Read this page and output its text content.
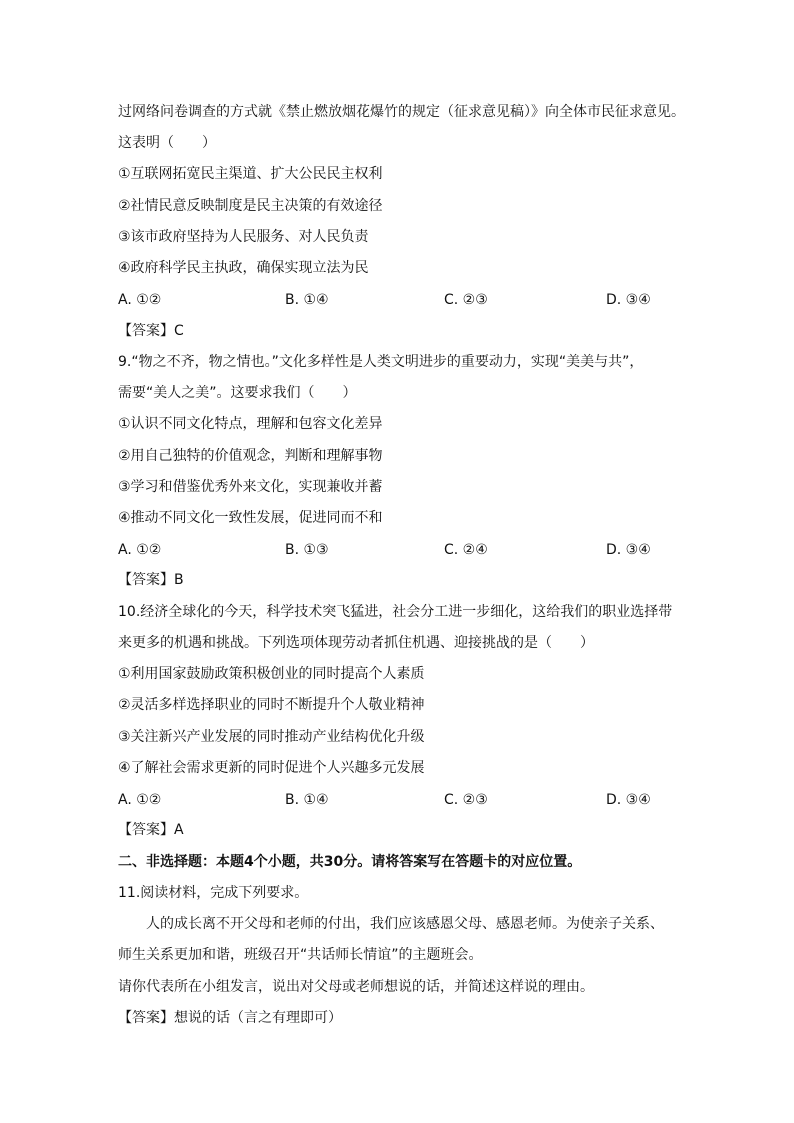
过网络问卷调查的方式就《禁止燃放烟花爆竹的规定（征求意见稿）》向全体市民征求意见。
这表明（　　）
①互联网拓宽民主渠道、扩大公民民主权利
②社情民意反映制度是民主决策的有效途径
③该市政府坚持为人民服务、对人民负责
④政府科学民主执政，确保实现立法为民
A. ①②	B. ①④	C. ②③	D. ③④
【答案】C
9.“物之不齐，物之情也。”文化多样性是人类文明进步的重要动力，实现“美美与共”，
需要“美人之美”。这要求我们（　　）
①认识不同文化特点，理解和包容文化差异
②用自己独特的价值观念，判断和理解事物
③学习和借鉴优秀外来文化，实现兼收并蓄
④推动不同文化一致性发展，促进同而不和
A. ①②	B. ①③	C. ②④	D. ③④
【答案】B
10.经济全球化的今天，科学技术突飞猛进，社会分工进一步细化，这给我们的职业选择带
来更多的机遇和挑战。下列选项体现劳动者抓住机遇、迎接挑战的是（　　）
①利用国家鼓励政策积极创业的同时提高个人素质
②灵活多样选择职业的同时不断提升个人敬业精神
③关注新兴产业发展的同时推动产业结构优化升级
④了解社会需求更新的同时促进个人兴趣多元发展
A. ①②	B. ①④	C. ②③	D. ③④
【答案】A
二、非选择题：本题4个小题，共30分。请将答案写在答题卡的对应位置。
11.阅读材料，完成下列要求。
人的成长离不开父母和老师的付出，我们应该感恩父母、感恩老师。为使亲子关系、
师生关系更加和谐，班级召开“共话师长情谊”的主题班会。
请你代表所在小组发言，说出对父母或老师想说的话，并简述这样说的理由。
【答案】想说的话（言之有理即可）
